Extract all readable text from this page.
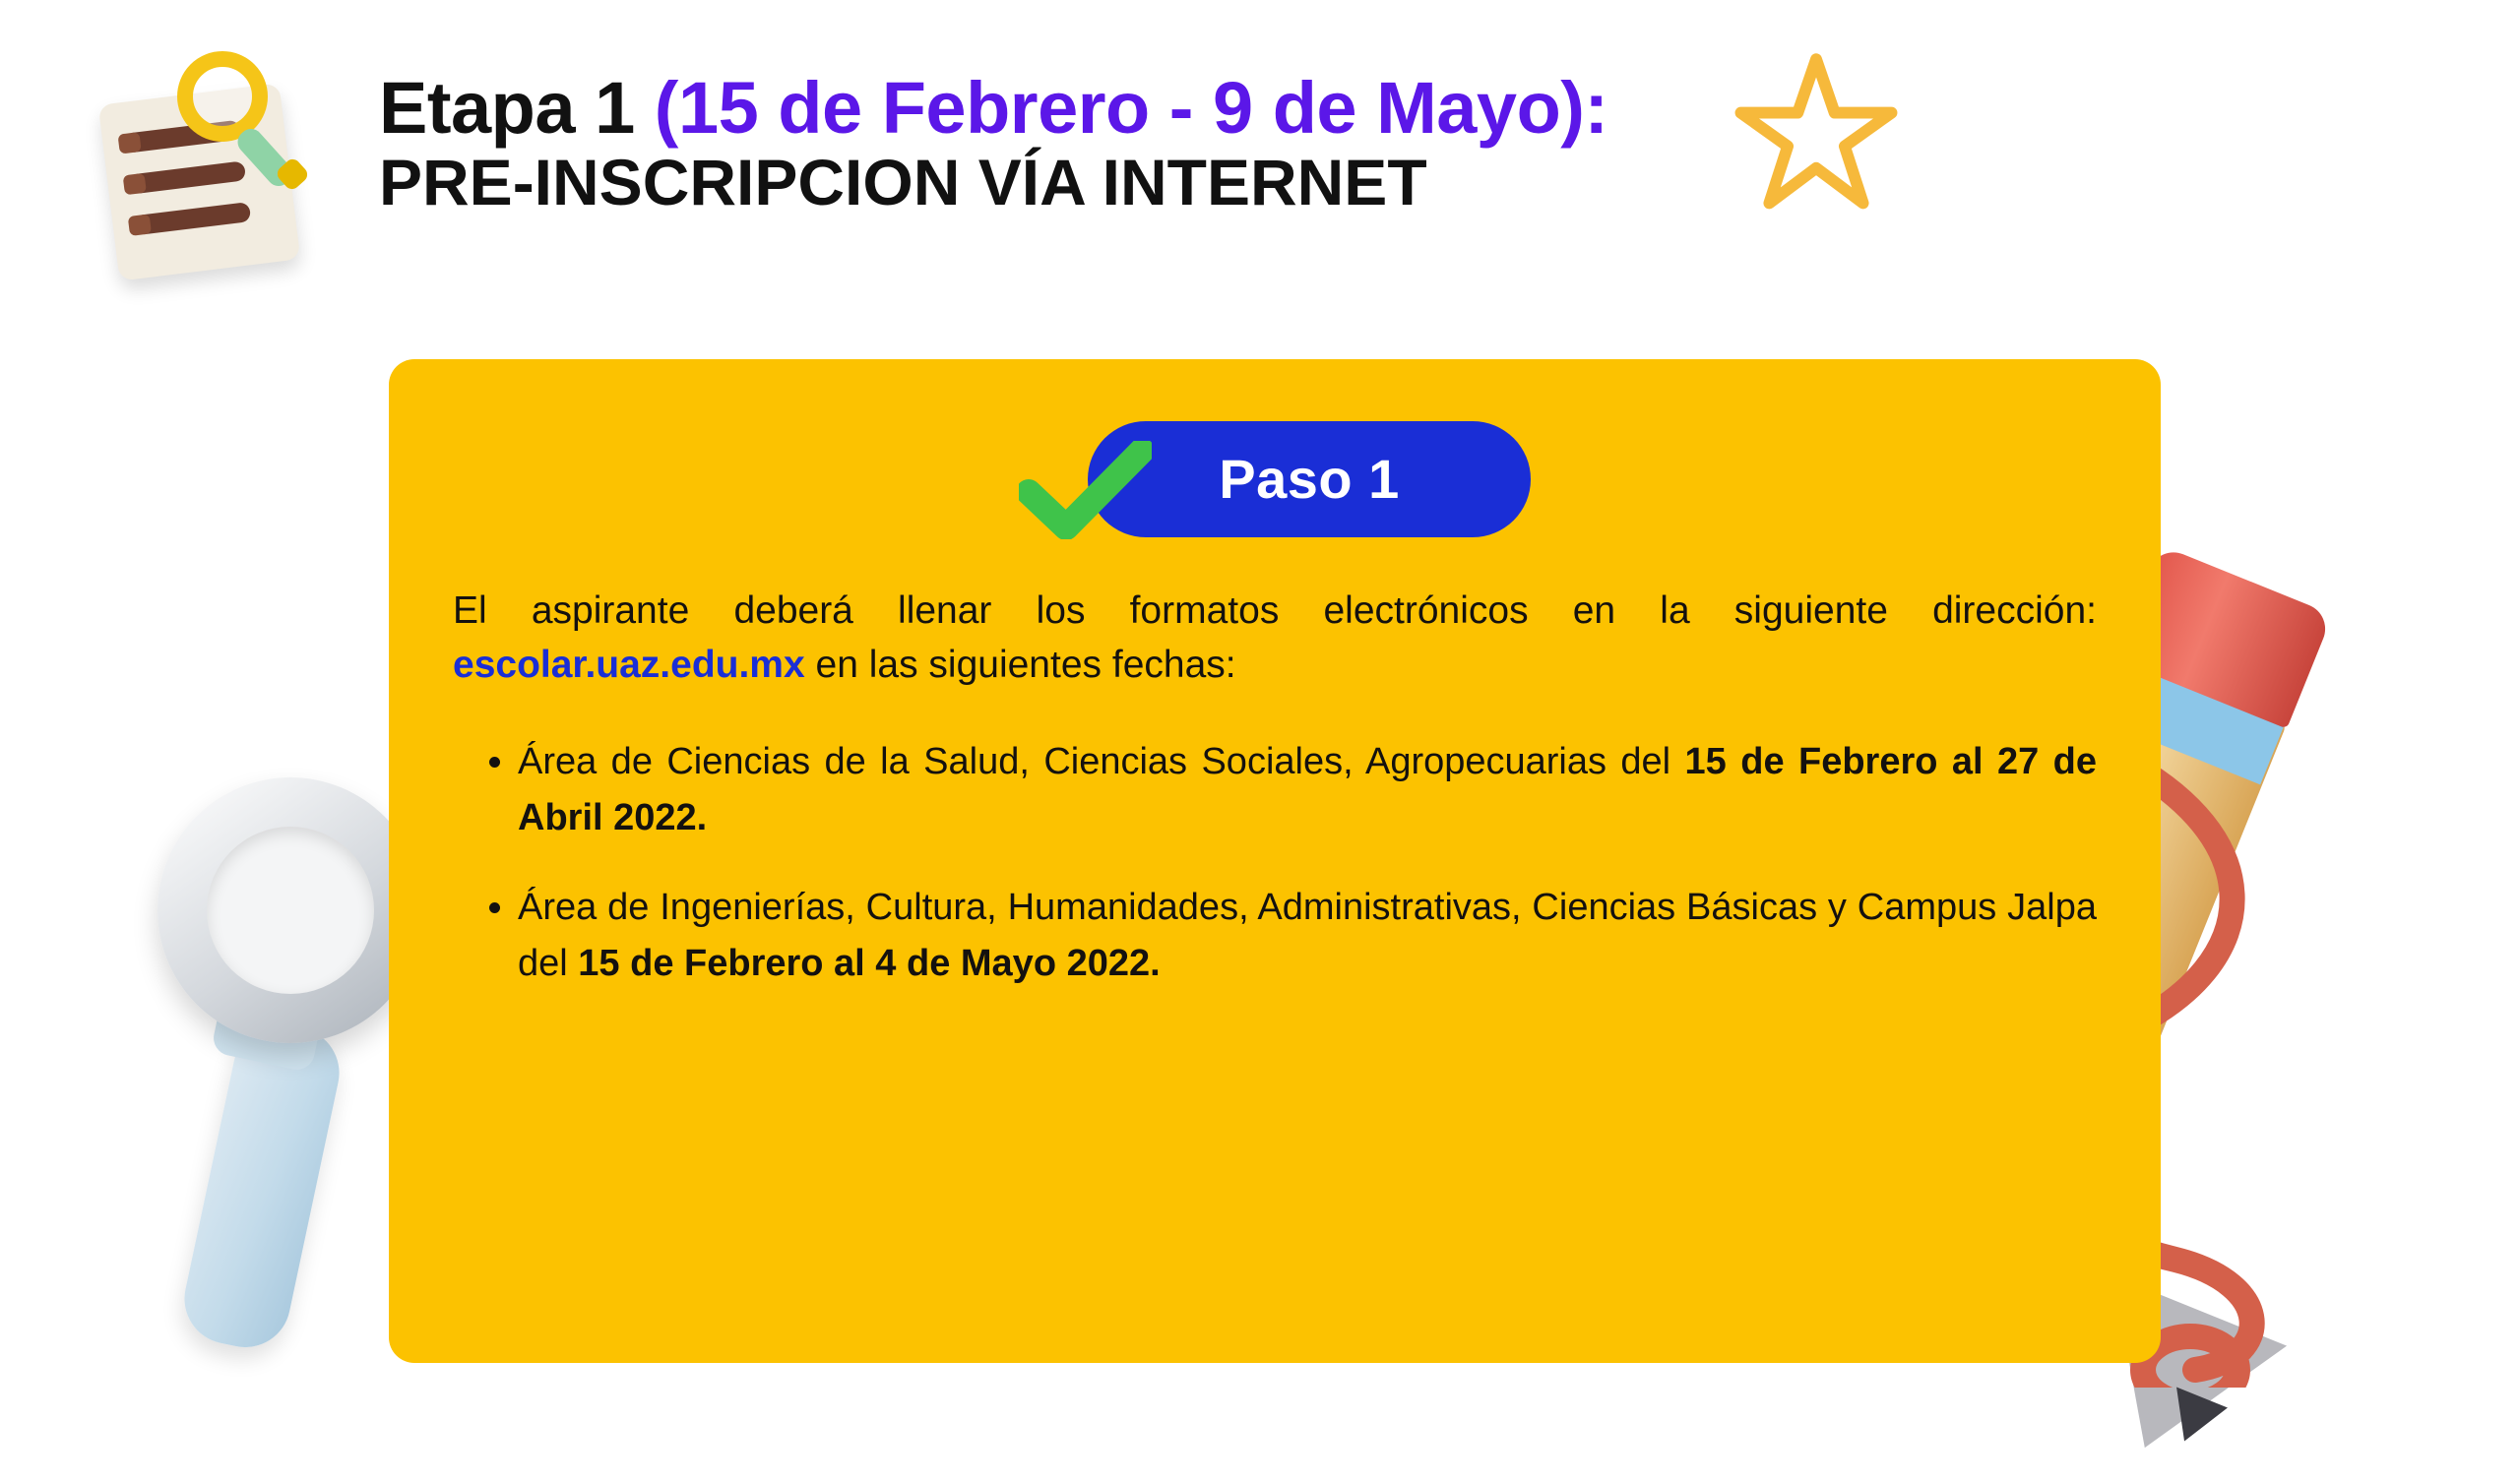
Etapa 1 (15 de Febrero - 9 de Mayo):
PRE-INSCRIPCION VÍA INTERNET
Paso 1

El aspirante deberá llenar los formatos electrónicos en la siguiente dirección: escolar.uaz.edu.mx en las siguientes fechas:

• Área de Ciencias de la Salud, Ciencias Sociales, Agropecuarias del 15 de Febrero al 27 de Abril 2022.
• Área de Ingenierías, Cultura, Humanidades, Administrativas, Ciencias Básicas y Campus Jalpa del 15 de Febrero al 4 de Mayo 2022.
